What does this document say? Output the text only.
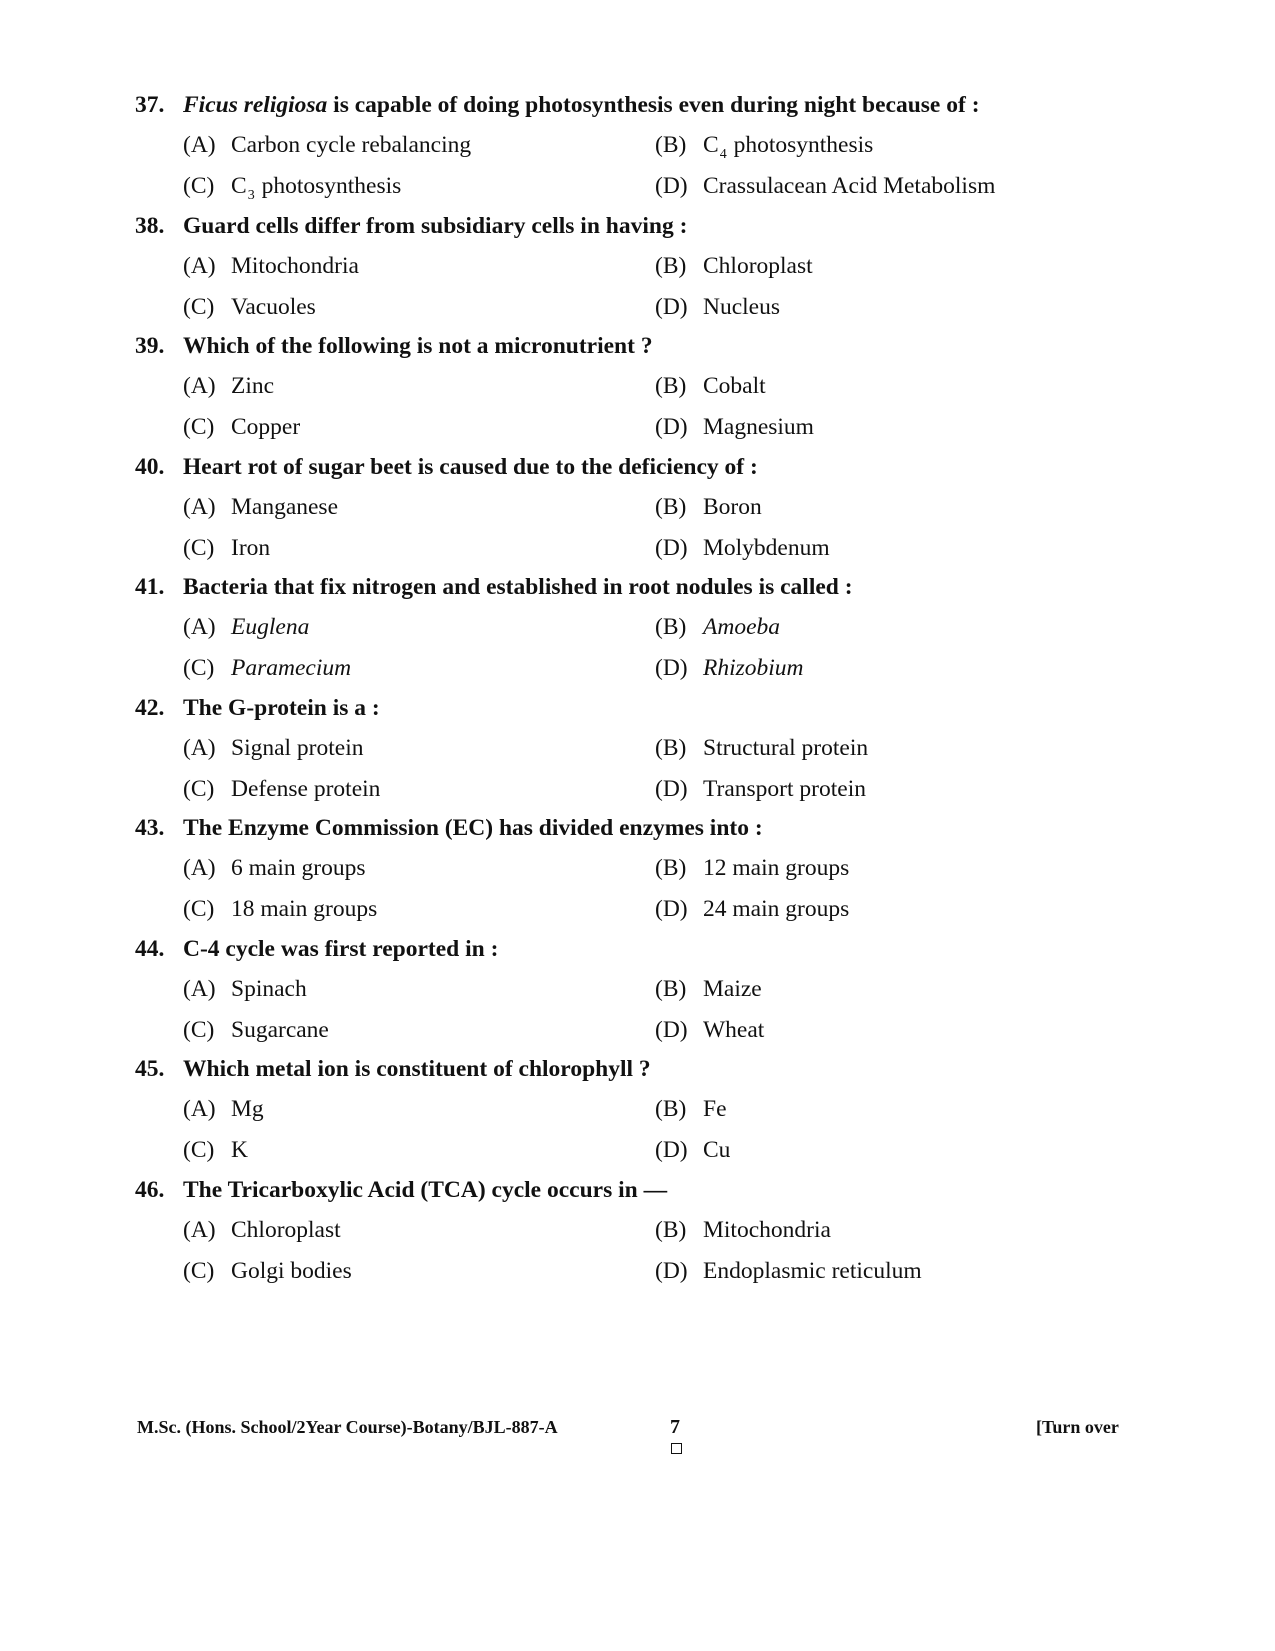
37. Ficus religiosa is capable of doing photosynthesis even during night because of :
(A) Carbon cycle rebalancing	(B) $C_4$ photosynthesis
(C) $C_3$ photosynthesis	(D) Crassulacean Acid Metabolism
38. Guard cells differ from subsidiary cells in having :
(A) Mitochondria	(B) Chloroplast
(C) Vacuoles	(D) Nucleus
39. Which of the following is not a micronutrient ?
(A) Zinc	(B) Cobalt
(C) Copper	(D) Magnesium
40. Heart rot of sugar beet is caused due to the deficiency of :
(A) Manganese	(B) Boron
(C) Iron	(D) Molybdenum
41. Bacteria that fix nitrogen and established in root nodules is called :
(A) Euglena	(B) Amoeba
(C) Paramecium	(D) Rhizobium
42. The G-protein is a :
(A) Signal protein	(B) Structural protein
(C) Defense protein	(D) Transport protein
43. The Enzyme Commission (EC) has divided enzymes into :
(A) 6 main groups	(B) 12 main groups
(C) 18 main groups	(D) 24 main groups
44. C-4 cycle was first reported in :
(A) Spinach	(B) Maize
(C) Sugarcane	(D) Wheat
45. Which metal ion is constituent of chlorophyll ?
(A) Mg	(B) Fe
(C) K	(D) Cu
46. The Tricarboxylic Acid (TCA) cycle occurs in —
(A) Chloroplast	(B) Mitochondria
(C) Golgi bodies	(D) Endoplasmic reticulum
M.Sc. (Hons. School/2Year Course)-Botany/BJL-887-A	7	[Turn over
